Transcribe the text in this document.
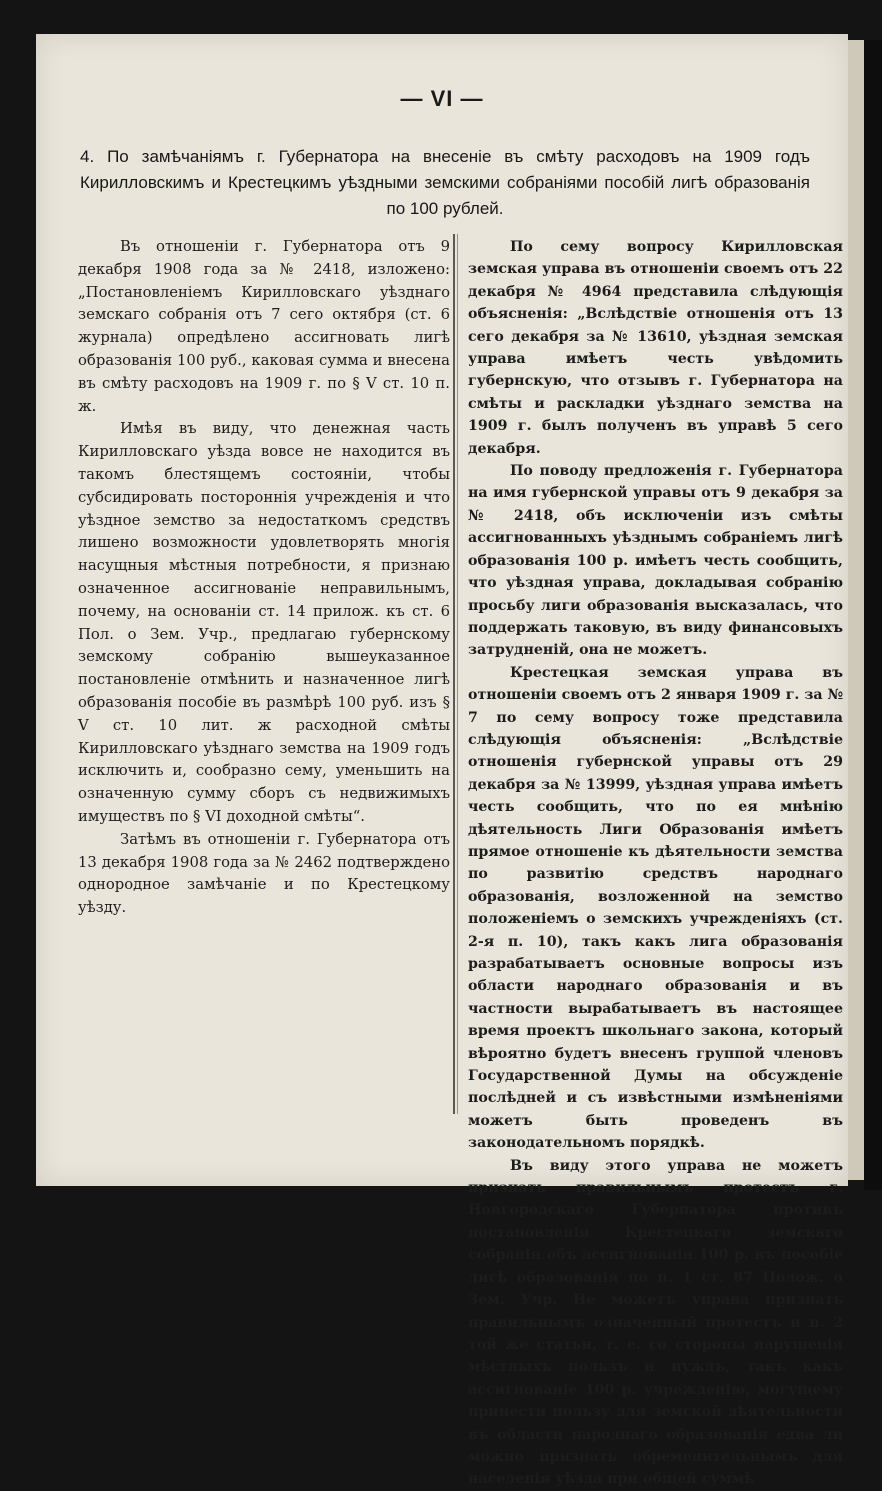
— VI —
4. По замѣчаніямъ г. Губернатора на внесеніе въ смѣту расходовъ на 1909 годъ Кирилловскимъ и Крестецкимъ уѣздными земскими собраніями пособій лигѣ образованія по 100 рублей.

Въ отношеніи г. Губернатора отъ 9 декабря 1908 года за № 2418, изложено: „Постановленіемъ Кирилловскаго уѣзднаго земскаго собранія отъ 7 сего октября (ст. 6 журнала) опредѣлено ассигновать лигѣ образованія 100 руб., каковая сумма и внесена въ смѣту расходовъ на 1909 г. по § V ст. 10 п. ж.

Имѣя въ виду, что денежная часть Кирилловскаго уѣзда вовсе не находится въ такомъ блестящемъ состояніи, чтобы субсидировать постороннія учрежденія и что уѣздное земство за недостаткомъ средствъ лишено возможности удовлетворять многія насущныя мѣстныя потребности, я признаю означенное ассигнованіе неправильнымъ, почему, на основаніи ст. 14 прилож. къ ст. 6 Пол. о Зем. Учр., предлагаю губернскому земскому собранію вышеуказанное постановленіе отмѣнить и назначенное лигѣ образованія пособіе въ размѣрѣ 100 руб. изъ § V ст. 10 лит. ж расходной смѣты Кирилловскаго уѣзднаго земства на 1909 годъ исключить и, сообразно сему, уменьшить на означенную сумму сборъ съ недвижимыхъ имуществъ по § VI доходной смѣты“.

Затѣмъ въ отношеніи г. Губернатора отъ 13 декабря 1908 года за № 2462 подтверждено однородное замѣчаніе и по Крестецкому уѣзду.

По сему вопросу Кирилловская земская управа въ отношеніи своемъ отъ 22 декабря № 4964 представила слѣдующія объясненія: „Вслѣдствіе отношенія отъ 13 сего декабря за № 13610, уѣздная земская управа имѣетъ честь увѣдомить губернскую, что отзывъ г. Губернатора на смѣты и раскладки уѣзднаго земства на 1909 г. былъ полученъ въ управѣ 5 сего декабря.

По поводу предложенія г. Губернатора на имя губернской управы отъ 9 декабря за № 2418, объ исключеніи изъ смѣты ассигнованныхъ уѣзднымъ собраніемъ лигѣ образованія 100 р. имѣетъ честь сообщить, что уѣздная управа, докладывая собранію просьбу лиги образованія высказалась, что поддержать таковую, въ виду финансовыхъ затрудненій, она не можетъ.

Крестецкая земская управа въ отношеніи своемъ отъ 2 января 1909 г. за № 7 по сему вопросу тоже представила слѣдующія объясненія: „Вслѣдствіе отношенія губернской управы отъ 29 декабря за № 13999, уѣздная управа имѣетъ честь сообщить, что по ея мнѣнію дѣятельность Лиги Образованія имѣетъ прямое отношеніе къ дѣятельности земства по развитію средствъ народнаго образованія, возложенной на земство положеніемъ о земскихъ учрежденіяхъ (ст. 2-я п. 10), такъ какъ лига образованія разрабатываетъ основные вопросы изъ области народнаго образованія и въ частности вырабатываетъ въ настоящее время проектъ школьнаго закона, который вѣроятно будетъ внесенъ группой членовъ Государственной Думы на обсужденіе послѣдней и съ извѣстными измѣненіями можетъ быть проведенъ въ законодательномъ порядкѣ.

Въ виду этого управа не можетъ признать правильнымъ протестъ г. Новгородскаго Губернатора противъ постановленія Крестецкаго земскаго собранія объ ассигнованіи 100 р. въ пособіе лигѣ образованія по п. 1 ст. 87 Полож. о Зем. Учр. Не можетъ управа признать правильнымъ означенный протестъ и п. 2 той же статьи, т. е. со стороны нарушенія мѣстныхъ пользъ и нуждъ, такъ какъ ассигнованіе 100 р. учрежденію, могущему принести пользу для земской дѣятельности въ области народнаго образованія едва ли можно признать обременительнымъ для населенія уѣзда при общей суммѣ
